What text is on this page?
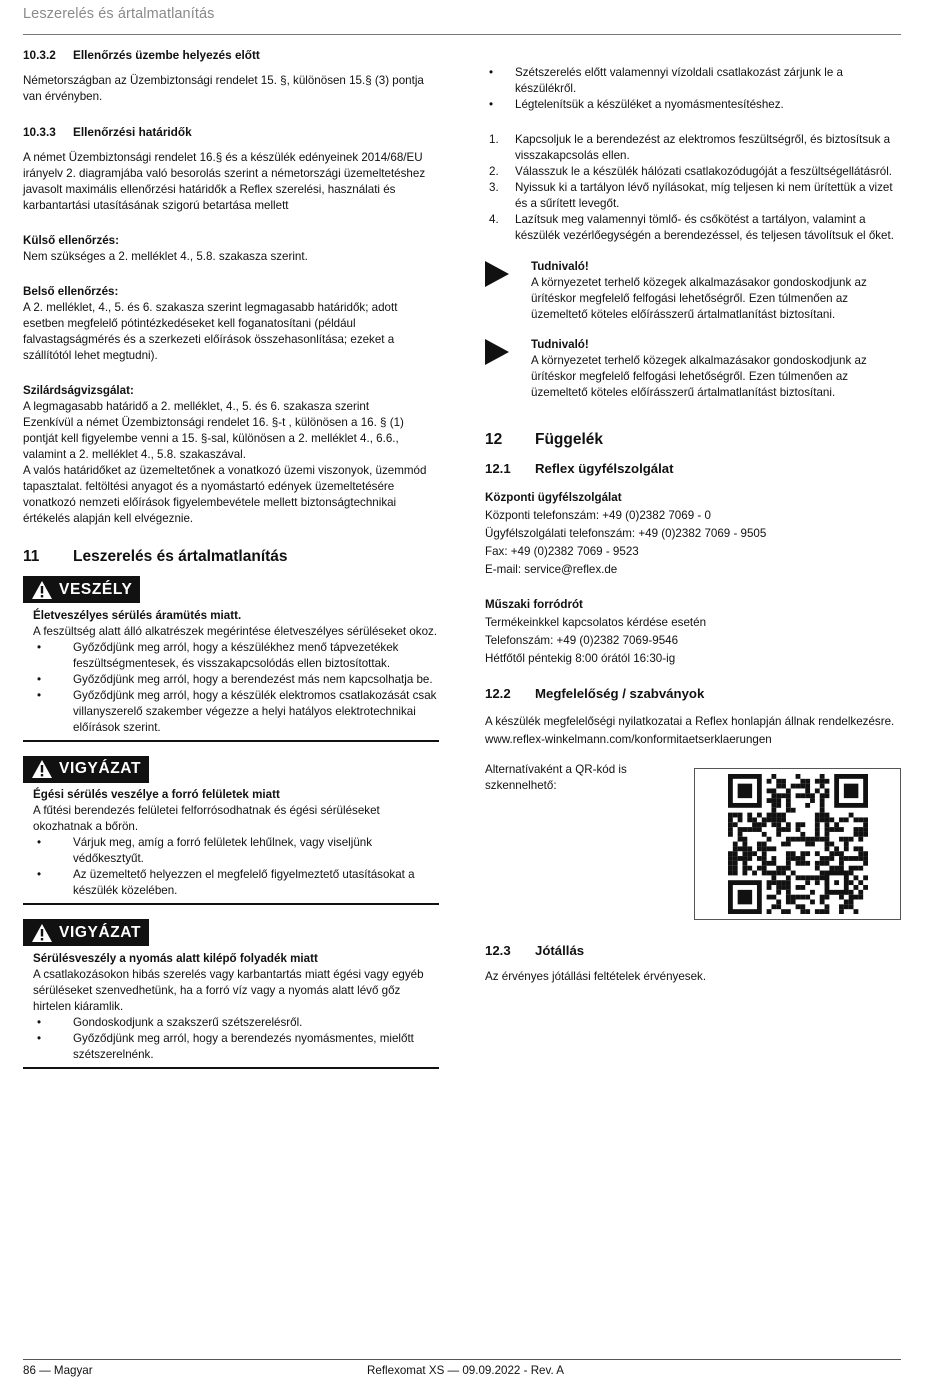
Leszerelés és ártalmatlanítás
10.3.2	Ellenőrzés üzembe helyezés előtt

Németországban az Üzembiztonsági rendelet 15. §, különösen 15.§ (3) pontja van érvényben.

10.3.3	Ellenőrzési határidők

A német Üzembiztonsági rendelet 16.§ és a készülék edényeinek 2014/68/EU irányelv 2. diagramjába való besorolás szerint a németországi üzemeltetéshez javasolt maximális ellenőrzési határidők a Reflex szerelési, használati és karbantartási utasításának szigorú betartása mellett

Külső ellenőrzés:

Nem szükséges a 2. melléklet 4., 5.8. szakasza szerint.

Belső ellenőrzés:

A 2. melléklet, 4., 5. és 6. szakasza szerint legmagasabb határidők; adott esetben megfelelő pótintézkedéseket kell foganatosítani (például falvastagságmérés és a szerkezeti előírások összehasonlítása; ezeket a szállítótól lehet megtudni).

Szilárdságvizsgálat:

A legmagasabb határidő a 2. melléklet, 4., 5. és 6. szakasza szerint

Ezenkívül a német Üzembiztonsági rendelet 16. §-t , különösen a 16. § (1) pontját kell figyelembe venni a 15. §-sal, különösen a 2. melléklet 4., 6.6., valamint a 2. melléklet 4., 5.8. szakaszával.

A valós határidőket az üzemeltetőnek a vonatkozó üzemi viszonyok, üzemmód tapasztalat. feltöltési anyagot és a nyomástartó edények üzemeltetésére vonatkozó nemzeti előírások figyelembevétele mellett biztonságtechnikai értékelés alapján kell elvégeznie.

11	Leszerelés és ártalmatlanítás
VESZÉLY

Életveszélyes sérülés áramütés miatt.

A feszültség alatt álló alkatrészek megérintése életveszélyes sérüléseket okoz.

•	Győződjünk meg arról, hogy a készülékhez menő tápvezetékek feszültségmentesek, és visszakapcsolódás ellen biztosítottak.
•	Győződjünk meg arról, hogy a berendezést más nem kapcsolhatja be.
•	Győződjünk meg arról, hogy a készülék elektromos csatlakozását csak villanyszerelő szakember végezze a helyi hatályos elektrotechnikai előírások szerint.
VIGYÁZAT

Égési sérülés veszélye a forró felületek miatt

A fűtési berendezés felületei felforrósodhatnak és égési sérüléseket okozhatnak a bőrön.

•	Várjuk meg, amíg a forró felületek lehűlnek, vagy viseljünk védőkesztyűt.
•	Az üzemeltető helyezzen el megfelelő figyelmeztető utasításokat a készülék közelében.
VIGYÁZAT

Sérülésveszély a nyomás alatt kilépő folyadék miatt

A csatlakozásokon hibás szerelés vagy karbantartás miatt égési vagy egyéb sérüléseket szenvedhetünk, ha a forró víz vagy a nyomás alatt lévő gőz hirtelen kiáramlik.

•	Gondoskodjunk a szakszerű szétszerelésről.
•	Győződjünk meg arról, hogy a berendezés nyomásmentes, mielőtt szétszerelnénk.
•	Szétszerelés előtt valamennyi vízoldali csatlakozást zárjunk le a készülékről.
•	Légtelenítsük a készüléket a nyomásmentesítéshez.
1.	Kapcsoljuk le a berendezést az elektromos feszültségről, és biztosítsuk a visszakapcsolás ellen.
2.	Válasszuk le a készülék hálózati csatlakozódugóját a feszültségellátásról.
3.	Nyissuk ki a tartályon lévő nyílásokat, míg teljesen ki nem ürítettük a vizet és a sűrített levegőt.
4.	Lazítsuk meg valamennyi tömlő- és csőkötést a tartályon, valamint a készülék vezérlőegységén a berendezéssel, és teljesen távolítsuk el őket.

Tudnivaló!

A környezetet terhelő közegek alkalmazásakor gondoskodjunk az ürítéskor megfelelő felfogási lehetőségről. Ezen túlmenően az üzemeltető köteles előírásszerű ártalmatlanítást biztosítani.

Tudnivaló!

A környezetet terhelő közegek alkalmazásakor gondoskodjunk az ürítéskor megfelelő felfogási lehetőségről. Ezen túlmenően az üzemeltető köteles előírásszerű ártalmatlanítást biztosítani.

12	Függelék
12.1	Reflex ügyfélszolgálat

Központi ügyfélszolgálat

Központi telefonszám: +49 (0)2382 7069 - 0

Ügyfélszolgálati telefonszám: +49 (0)2382 7069 - 9505

Fax: +49 (0)2382 7069 - 9523

E-mail: service@reflex.de

Műszaki forródrót

Termékeinkkel kapcsolatos kérdése esetén

Telefonszám: +49 (0)2382 7069-9546

Hétfőtől péntekig 8:00 órától 16:30-ig

12.2	Megfelelőség / szabványok

A készülék megfelelőségi nyilatkozatai a Reflex honlapján állnak rendelkezésre.

www.reflex-winkelmann.com/konformitaetserklaerungen

Alternatívaként a QR-kód is szkennelhető:

12.3	Jótállás

Az érvényes jótállási feltételek érvényesek.

86 — Magyar	Reflexomat XS — 09.09.2022 - Rev. A
